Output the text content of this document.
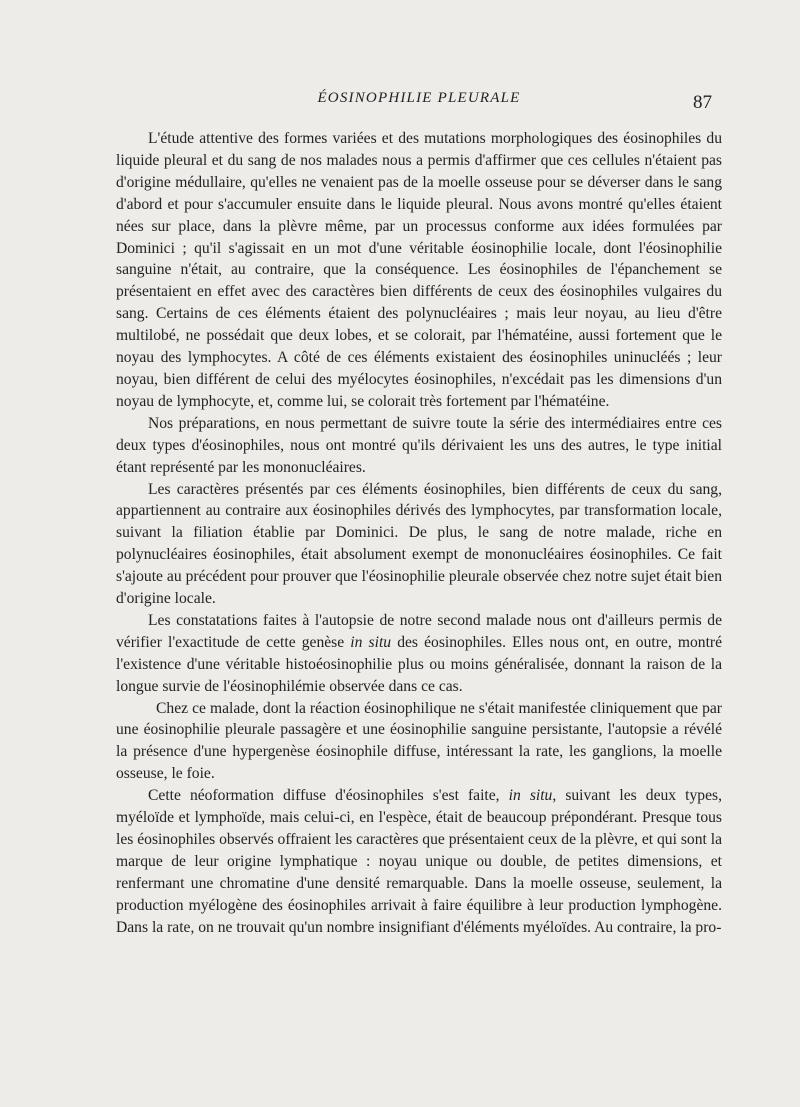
ÉOSINOPHILIE PLEURALE	87

L'étude attentive des formes variées et des mutations morphologiques des éosinophiles du liquide pleural et du sang de nos malades nous a permis d'affirmer que ces cellules n'étaient pas d'origine médullaire, qu'elles ne venaient pas de la moelle osseuse pour se déverser dans le sang d'abord et pour s'accumuler ensuite dans le liquide pleural. Nous avons montré qu'elles étaient nées sur place, dans la plèvre même, par un processus conforme aux idées formulées par Dominici ; qu'il s'agissait en un mot d'une véritable éosinophilie locale, dont l'éosinophilie sanguine n'était, au contraire, que la conséquence. Les éosinophiles de l'épanchement se présentaient en effet avec des caractères bien différents de ceux des éosinophiles vulgaires du sang. Certains de ces éléments étaient des polynucléaires ; mais leur noyau, au lieu d'être multilobé, ne possédait que deux lobes, et se colorait, par l'hématéine, aussi fortement que le noyau des lymphocytes. A côté de ces éléments existaient des éosinophiles uninucléés ; leur noyau, bien différent de celui des myélocytes éosinophiles, n'excédait pas les dimensions d'un noyau de lymphocyte, et, comme lui, se colorait très fortement par l'hématéine.

Nos préparations, en nous permettant de suivre toute la série des intermédiaires entre ces deux types d'éosinophiles, nous ont montré qu'ils dérivaient les uns des autres, le type initial étant représenté par les mononucléaires.

Les caractères présentés par ces éléments éosinophiles, bien différents de ceux du sang, appartiennent au contraire aux éosinophiles dérivés des lymphocytes, par transformation locale, suivant la filiation établie par Dominici. De plus, le sang de notre malade, riche en polynucléaires éosinophiles, était absolument exempt de mononucléaires éosinophiles. Ce fait s'ajoute au précédent pour prouver que l'éosinophilie pleurale observée chez notre sujet était bien d'origine locale.

Les constatations faites à l'autopsie de notre second malade nous ont d'ailleurs permis de vérifier l'exactitude de cette genèse in situ des éosinophiles. Elles nous ont, en outre, montré l'existence d'une véritable histoéosinophilie plus ou moins généralisée, donnant la raison de la longue survie de l'éosinophilémie observée dans ce cas.

Chez ce malade, dont la réaction éosinophilique ne s'était manifestée cliniquement que par une éosinophilie pleurale passagère et une éosinophilie sanguine persistante, l'autopsie a révélé la présence d'une hypergenèse éosinophile diffuse, intéressant la rate, les ganglions, la moelle osseuse, le foie.

Cette néoformation diffuse d'éosinophiles s'est faite, in situ, suivant les deux types, myéloïde et lymphoïde, mais celui-ci, en l'espèce, était de beaucoup prépondérant. Presque tous les éosinophiles observés offraient les caractères que présentaient ceux de la plèvre, et qui sont la marque de leur origine lymphatique : noyau unique ou double, de petites dimensions, et renfermant une chromatine d'une densité remarquable. Dans la moelle osseuse, seulement, la production myélogène des éosinophiles arrivait à faire équilibre à leur production lymphogène. Dans la rate, on ne trouvait qu'un nombre insignifiant d'éléments myéloïdes. Au contraire, la pro-
